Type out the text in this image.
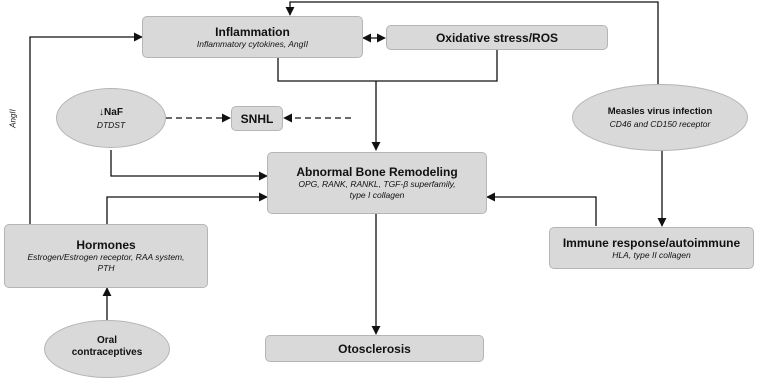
AngII
Inflammation
Inflammatory cytokines, AngII	Oxidative stress/ROS
↓NaF
DTDST	SNHL	Measles virus infection
CD46 and CD150 receptor
Abnormal Bone Remodeling
OPG, RANK, RANKL, TGF-β superfamily,
type I collagen
Hormones
Estrogen/Estrogen receptor, RAA system,
PTH
Immune response/autoimmune
HLA, type II collagen
Oral
contraceptives	Otosclerosis
